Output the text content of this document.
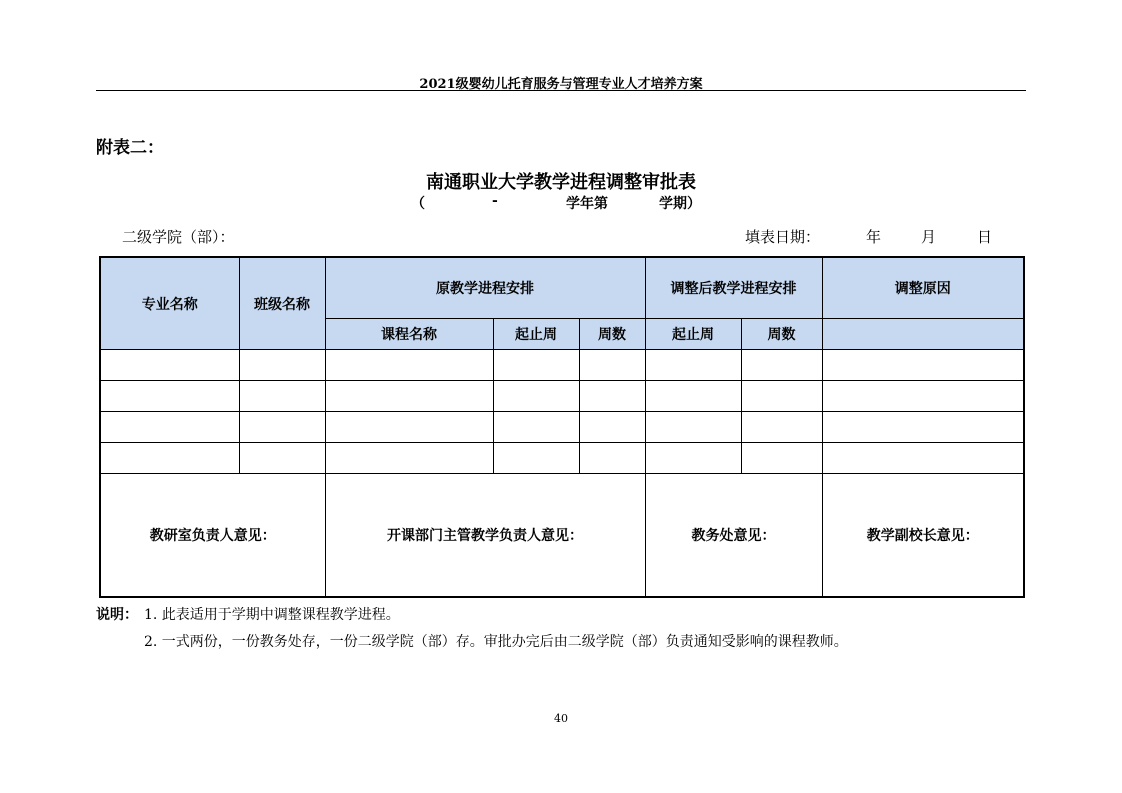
2021级婴幼儿托育服务与管理专业人才培养方案
附表二：
南通职业大学教学进程调整审批表
（	-	学年第	学期）
二级学院（部）：	填表日期：	年	月	日
专业名称	班级名称	原教学进程安排			调整后教学进程安排		调整原因
		课程名称	起止周	周数	起止周	周数	

教研室负责人意见：		开课部门主管教学负责人意见：			教务处意见：		教学副校长意见：
说明： 1. 此表适用于学期中调整课程教学进程。
2. 一式两份，一份教务处存，一份二级学院（部）存。审批办完后由二级学院（部）负责通知受影响的课程教师。
40
